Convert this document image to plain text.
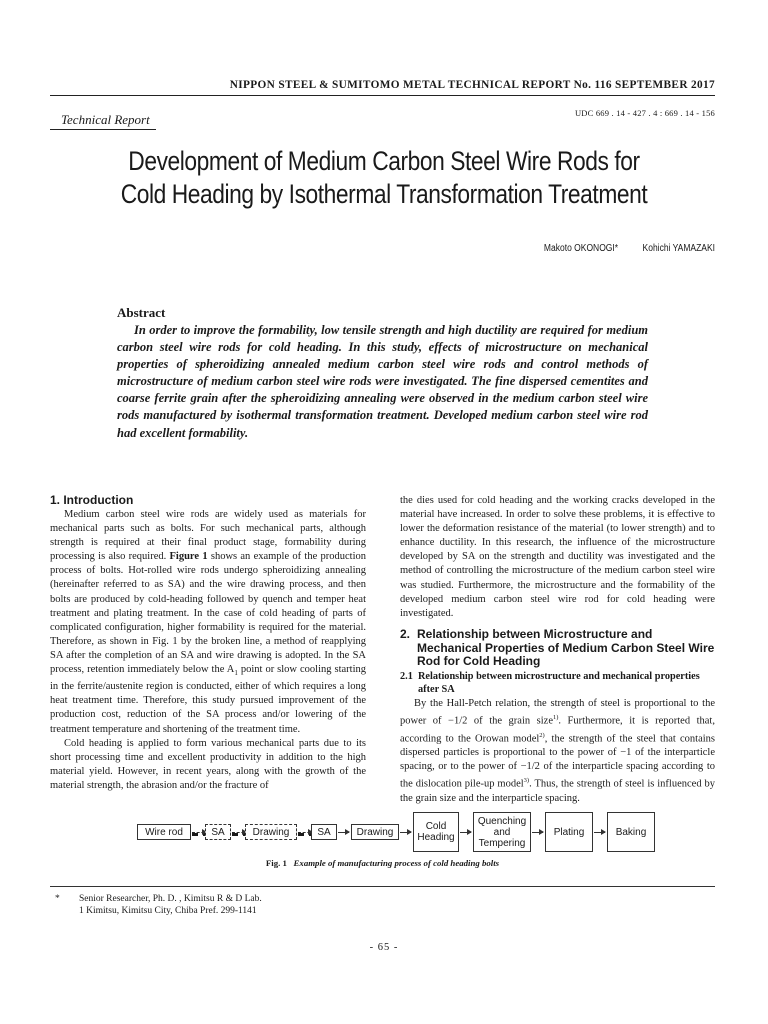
NIPPON STEEL & SUMITOMO METAL TECHNICAL REPORT No. 116 SEPTEMBER 2017
Technical Report	UDC 669 . 14 - 427 . 4 : 669 . 14 - 156
Development of Medium Carbon Steel Wire Rods for
Cold Heading by Isothermal Transformation Treatment
Makoto OKONOGI* Kohichi YAMAZAKI
Abstract
In order to improve the formability, low tensile strength and high ductility are required for medium carbon steel wire rods for cold heading. In this study, effects of microstructure on mechanical properties of spheroidizing annealed medium carbon steel wire rods and control methods of microstructure of medium carbon steel wire rods were investigated. The fine dispersed cementites and coarse ferrite grain after the spheroidizing annealing were observed in the medium carbon steel wire rods manufactured by isothermal transformation treatment. Developed medium carbon steel wire rod had excellent formability.
1. Introduction

Medium carbon steel wire rods are widely used as materials for mechanical parts such as bolts. For such mechanical parts, although strength is required at their final product stage, formability during processing is also required. Figure 1 shows an example of the production process of bolts. Hot-rolled wire rods undergo spheroidizing annealing (hereinafter referred to as SA) and the wire drawing process, and then bolts are produced by cold-heading followed by quench and temper heat treatment and plating treatment. In the case of cold heading of parts of complicated configuration, higher formability is required for the material. Therefore, as shown in Fig. 1 by the broken line, a method of reapplying SA after the completion of an SA and wire drawing is adopted. In the SA process, retention immediately below the $A_1$ point or slow cooling starting in the ferrite/austenite region is conducted, either of which requires a long heat treatment time. Therefore, this study pursued improvement of the production cost, reduction of the SA process and/or lowering of the treatment temperature and shortening of the treatment time.

Cold heading is applied to form various mechanical parts due to its short processing time and excellent productivity in addition to the high material yield. However, in recent years, along with the growth of the material strength, the abrasion and/or the fracture of

the dies used for cold heading and the working cracks developed in the material have increased. In order to solve these problems, it is effective to lower the deformation resistance of the material (to lower strength) and to enhance ductility. In this research, the influence of the microstructure developed by SA on the strength and ductility was investigated and the method of controlling the microstructure of the medium carbon steel wire was studied. Furthermore, the microstructure and the formability of the developed medium carbon steel wire rod for cold heading were investigated.

2. Relationship between Microstructure and Mechanical Properties of Medium Carbon Steel Wire Rod for Cold Heading
2.1 Relationship between microstructure and mechanical properties after SA

By the Hall-Petch relation, the strength of steel is proportional to the power of −1/2 of the grain size$^{1)}$. Furthermore, it is reported that, according to the Orowan model$^{2)}$, the strength of the steel that contains dispersed particles is proportional to the power of −1 of the interparticle spacing, or to the power of −1/2 of the interparticle spacing according to the dislocation pile-up model$^{3)}$. Thus, the strength of steel is influenced by the grain size and the interparticle spacing.

Wire rod	SA	Drawing	SA	Drawing	Cold
Heading
Quenching
and
Tempering
Plating	Baking
Fig. 1 Example of manufacturing process of cold heading bolts
* Senior Researcher, Ph. D. , Kimitsu R & D Lab.
1 Kimitsu, Kimitsu City, Chiba Pref. 299-1141
- 65 -
